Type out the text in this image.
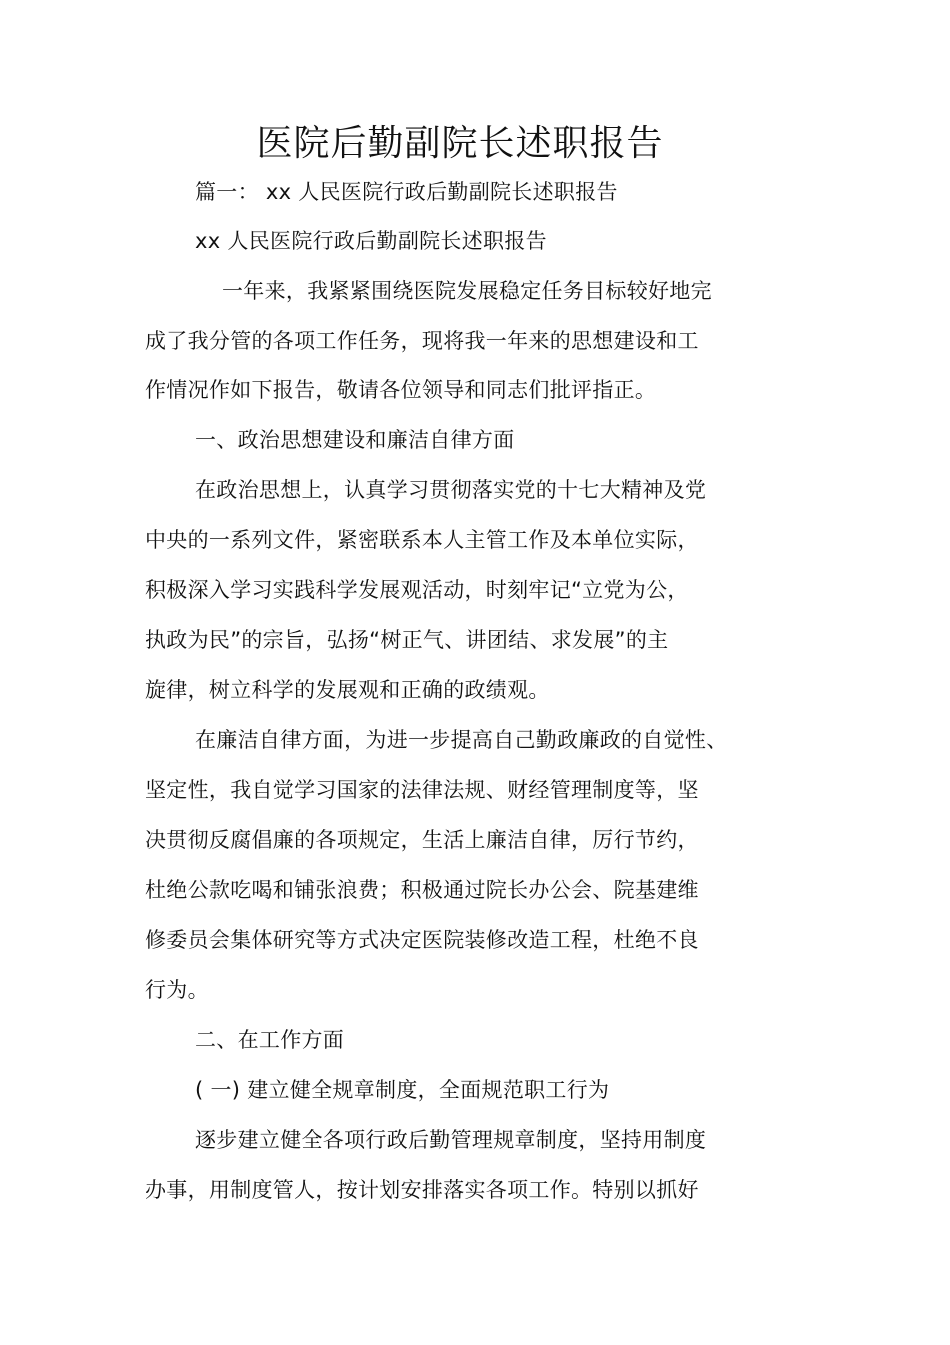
医院后勤副院长述职报告
篇一： xx 人民医院行政后勤副院长述职报告
xx 人民医院行政后勤副院长述职报告
一年来，我紧紧围绕医院发展稳定任务目标较好地完
成了我分管的各项工作任务，现将我一年来的思想建设和工
作情况作如下报告，敬请各位领导和同志们批评指正。
一、政治思想建设和廉洁自律方面
在政治思想上，认真学习贯彻落实党的十七大精神及党
中央的一系列文件，紧密联系本人主管工作及本单位实际，
积极深入学习实践科学发展观活动，时刻牢记“立党为公，
执政为民”的宗旨，弘扬“树正气、讲团结、求发展”的主
旋律，树立科学的发展观和正确的政绩观。
在廉洁自律方面，为进一步提高自己勤政廉政的自觉性、
坚定性，我自觉学习国家的法律法规、财经管理制度等，坚
决贯彻反腐倡廉的各项规定，生活上廉洁自律，厉行节约，
杜绝公款吃喝和铺张浪费；积极通过院长办公会、院基建维
修委员会集体研究等方式决定医院装修改造工程，杜绝不良
行为。
二、在工作方面
( 一) 建立健全规章制度，全面规范职工行为
逐步建立健全各项行政后勤管理规章制度，坚持用制度
办事，用制度管人，按计划安排落实各项工作。特别以抓好
